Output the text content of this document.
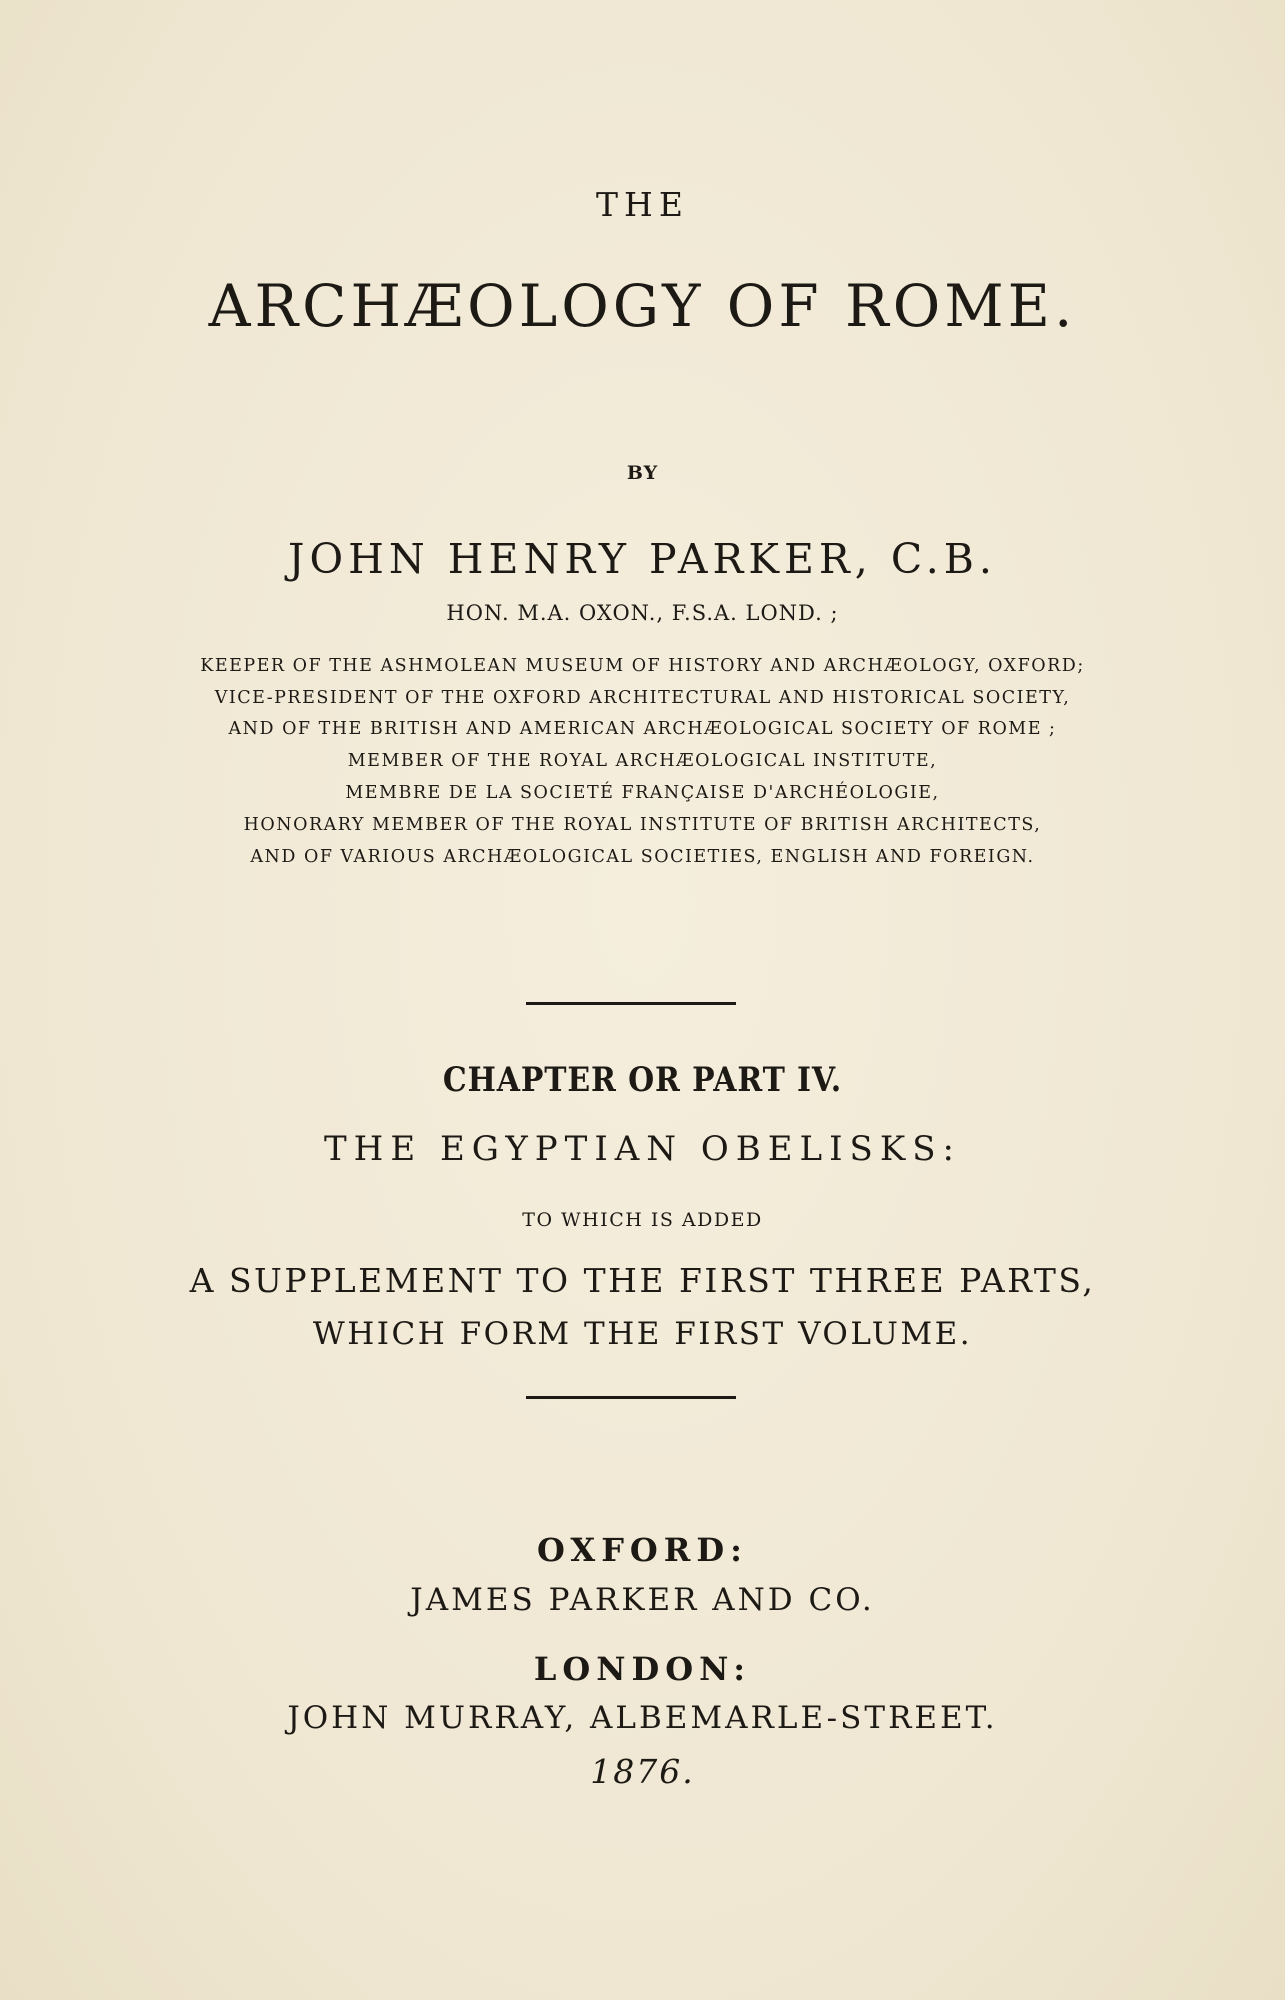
THE
ARCHÆOLOGY OF ROME.
BY
JOHN HENRY PARKER, C.B.
HON. M.A. OXON., F.S.A. LOND. ;
KEEPER OF THE ASHMOLEAN MUSEUM OF HISTORY AND ARCHÆOLOGY, OXFORD;
VICE-PRESIDENT OF THE OXFORD ARCHITECTURAL AND HISTORICAL SOCIETY,
AND OF THE BRITISH AND AMERICAN ARCHÆOLOGICAL SOCIETY OF ROME ;
MEMBER OF THE ROYAL ARCHÆOLOGICAL INSTITUTE,
MEMBRE DE LA SOCIETÉ FRANÇAISE D'ARCHÉOLOGIE,
HONORARY MEMBER OF THE ROYAL INSTITUTE OF BRITISH ARCHITECTS,
AND OF VARIOUS ARCHÆOLOGICAL SOCIETIES, ENGLISH AND FOREIGN.
CHAPTER OR PART IV.
THE EGYPTIAN OBELISKS:
TO WHICH IS ADDED
A SUPPLEMENT TO THE FIRST THREE PARTS,
WHICH FORM THE FIRST VOLUME.
OXFORD:
JAMES PARKER AND CO.
LONDON:
JOHN MURRAY, ALBEMARLE-STREET.
1876.
